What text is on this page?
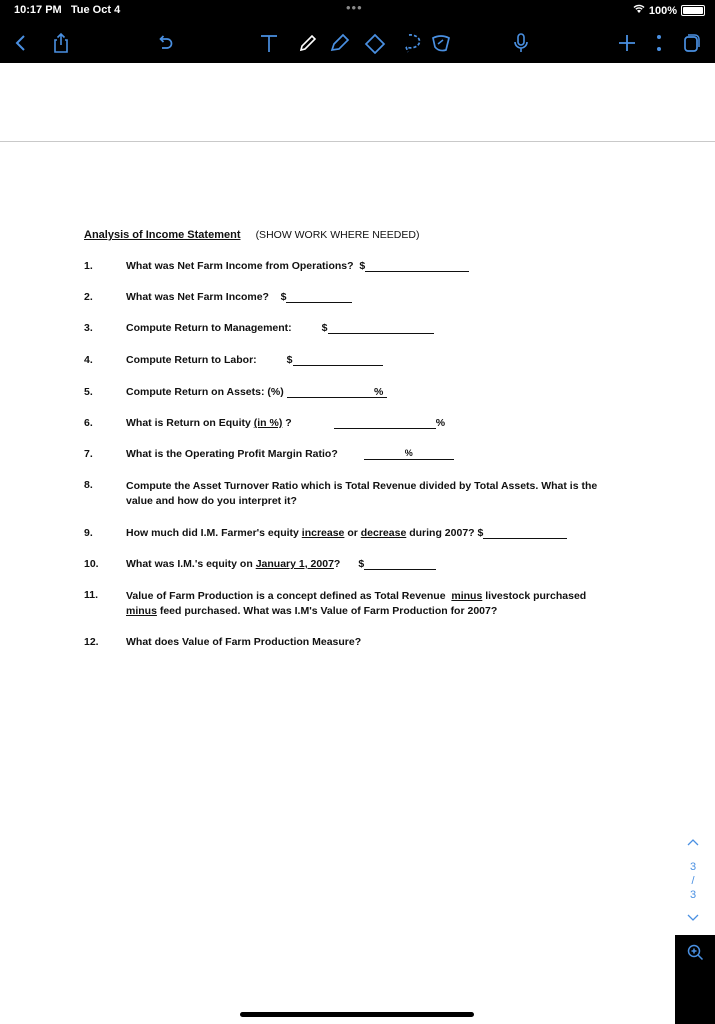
10:17 PM Tue Oct 4	•••	100%
Analysis of Income Statement (SHOW WORK WHERE NEEDED)
1.	What was Net Farm Income from Operations? $
2.	What was Net Farm Income? $
3.	Compute Return to Management:	$
4.	Compute Return to Labor:	$
5.	Compute Return on Assets: (%)	%
6.	What is Return on Equity (in %) ?	%
7.	What is the Operating Profit Margin Ratio?	%
8.	Compute the Asset Turnover Ratio which is Total Revenue divided by Total Assets. What is the value and how do you interpret it?
9.	How much did I.M. Farmer's equity increase or decrease during 2007? $
10.	What was I.M.'s equity on January 1, 2007? $
11.	Value of Farm Production is a concept defined as Total Revenue minus livestock purchased minus feed purchased. What was I.M's Value of Farm Production for 2007?
12.	What does Value of Farm Production Measure?
3
/
3
